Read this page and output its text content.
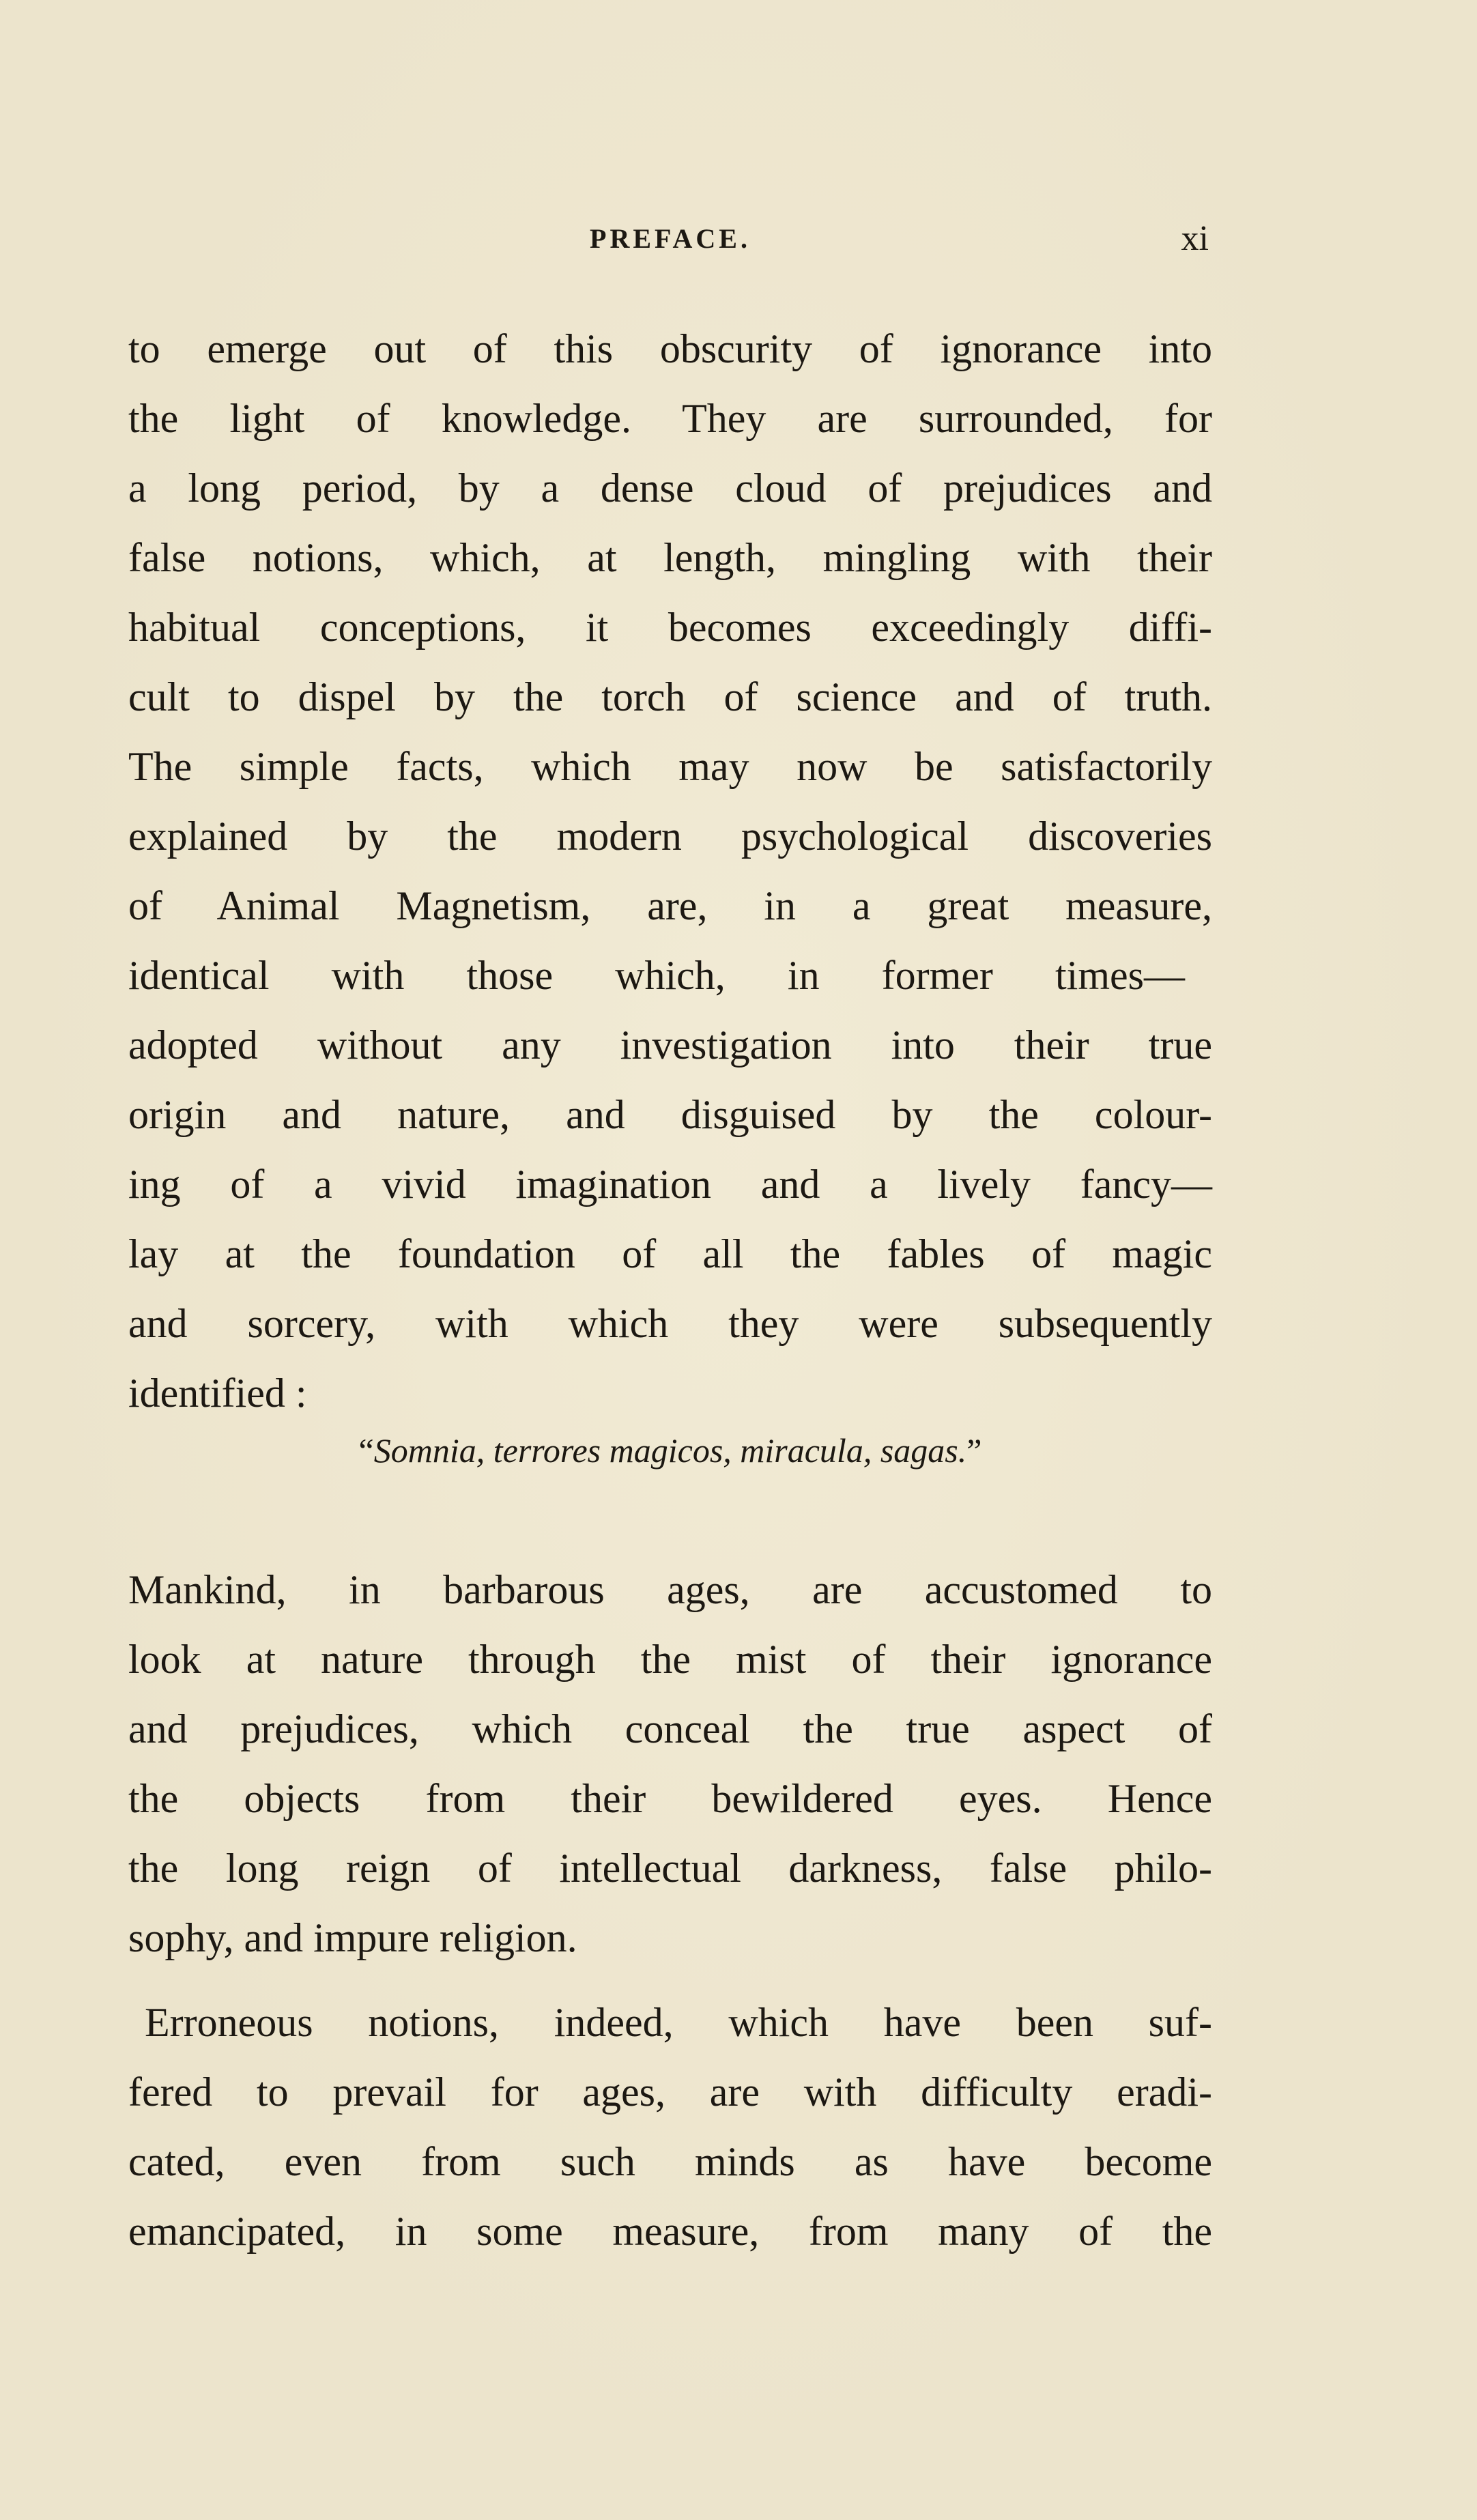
PREFACE.	xi
to emerge out of this obscurity of ignorance into
the light of knowledge. They are surrounded, for
a long period, by a dense cloud of prejudices and
false notions, which, at length, mingling with their
habitual conceptions, it becomes exceedingly diffi-
cult to dispel by the torch of science and of truth.
The simple facts, which may now be satisfactorily
explained by the modern psychological discoveries
of Animal Magnetism, are, in a great measure,
identical with those which, in former times—
adopted without any investigation into their true
origin and nature, and disguised by the colour-
ing of a vivid imagination and a lively fancy—
lay at the foundation of all the fables of magic
and sorcery, with which they were subsequently
identified :
“Somnia, terrores magicos, miracula, sagas.”
Mankind, in barbarous ages, are accustomed to
look at nature through the mist of their ignorance
and prejudices, which conceal the true aspect of
the objects from their bewildered eyes. Hence
the long reign of intellectual darkness, false philo-
sophy, and impure religion.
Erroneous notions, indeed, which have been suf-
fered to prevail for ages, are with difficulty eradi-
cated, even from such minds as have become
emancipated, in some measure, from many of the
